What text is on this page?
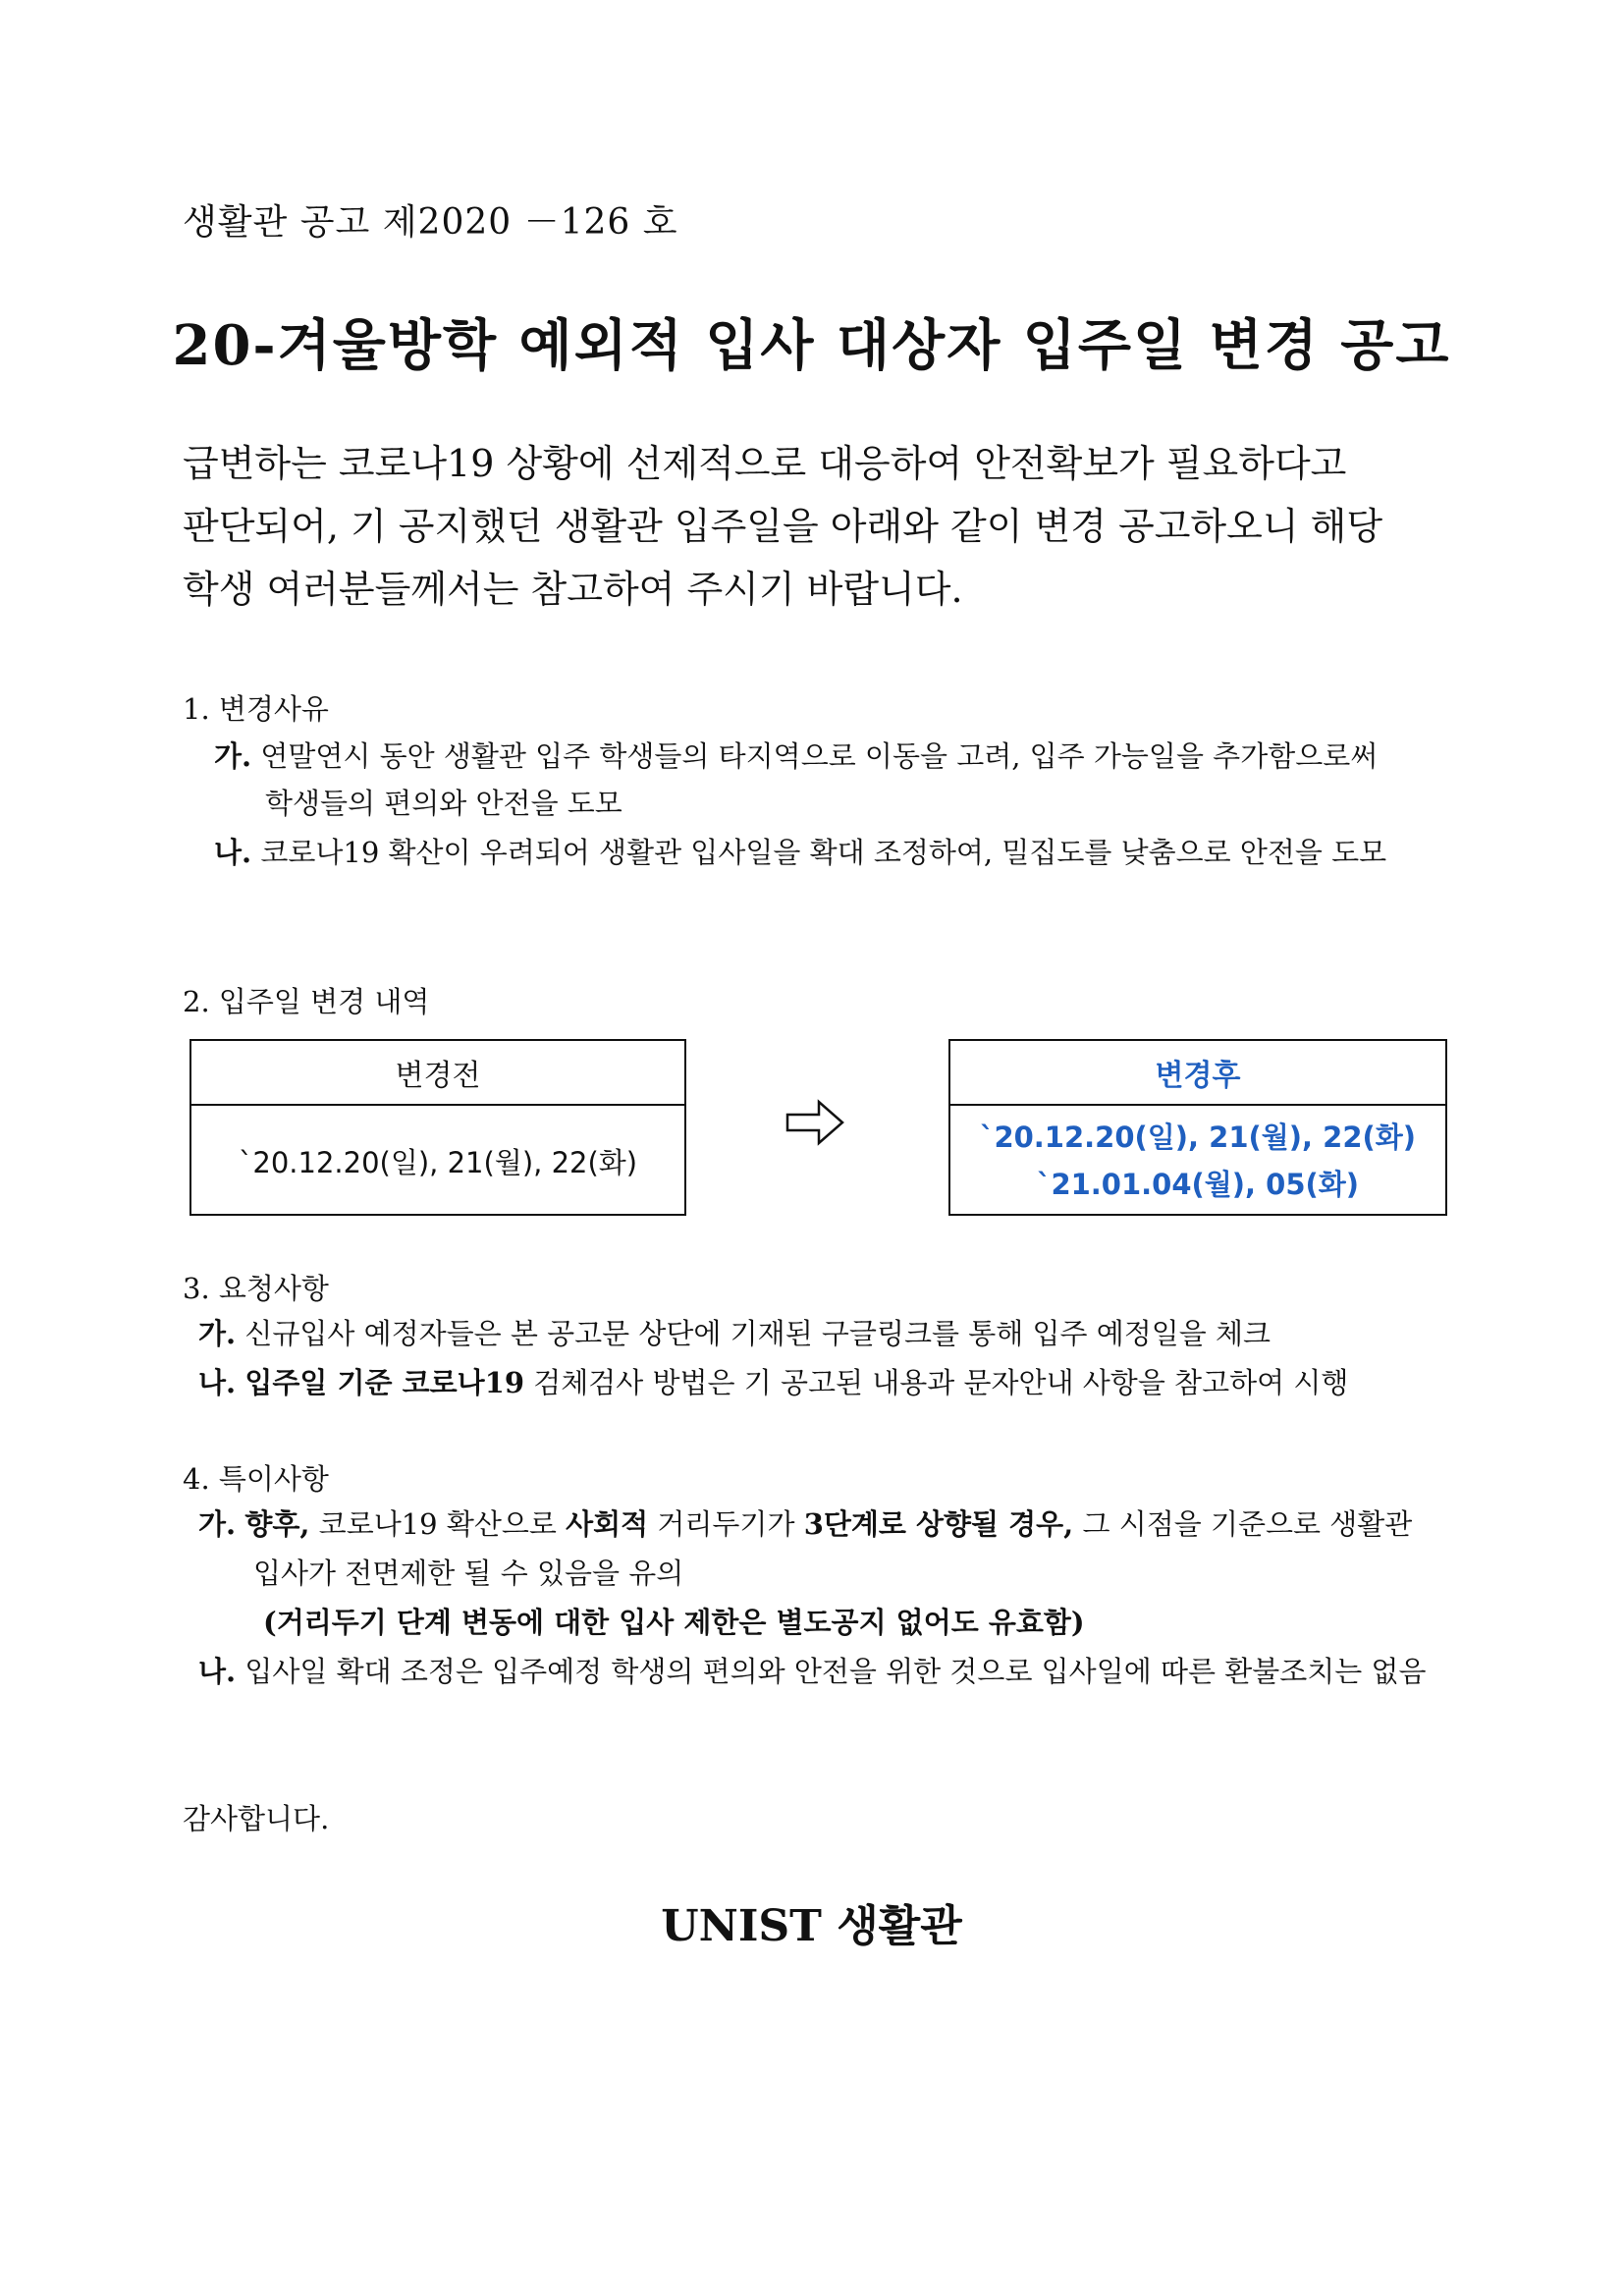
생활관 공고 제2020 －126 호
20-겨울방학 예외적 입사 대상자 입주일 변경 공고
급변하는 코로나19 상황에 선제적으로 대응하여 안전확보가 필요하다고
판단되어, 기 공지했던 생활관 입주일을 아래와 같이 변경 공고하오니 해당
학생 여러분들께서는 참고하여 주시기 바랍니다.
1. 변경사유
가. 연말연시 동안 생활관 입주 학생들의 타지역으로 이동을 고려, 입주 가능일을 추가함으로써
학생들의 편의와 안전을 도모
나. 코로나19 확산이 우려되어 생활관 입사일을 확대 조정하여, 밀집도를 낮춤으로 안전을 도모
2. 입주일 변경 내역
변경전
`20.12.20(일), 21(월), 22(화)
변경후
`20.12.20(일), 21(월), 22(화)
`21.01.04(월), 05(화)
3. 요청사항
가. 신규입사 예정자들은 본 공고문 상단에 기재된 구글링크를 통해 입주 예정일을 체크
나. 입주일 기준 코로나19 검체검사 방법은 기 공고된 내용과 문자안내 사항을 참고하여 시행
4. 특이사항
가. 향후, 코로나19 확산으로 사회적 거리두기가 3단계로 상향될 경우, 그 시점을 기준으로 생활관
입사가 전면제한 될 수 있음을 유의
(거리두기 단계 변동에 대한 입사 제한은 별도공지 없어도 유효함)
나. 입사일 확대 조정은 입주예정 학생의 편의와 안전을 위한 것으로 입사일에 따른 환불조치는 없음
감사합니다.
UNIST 생활관
